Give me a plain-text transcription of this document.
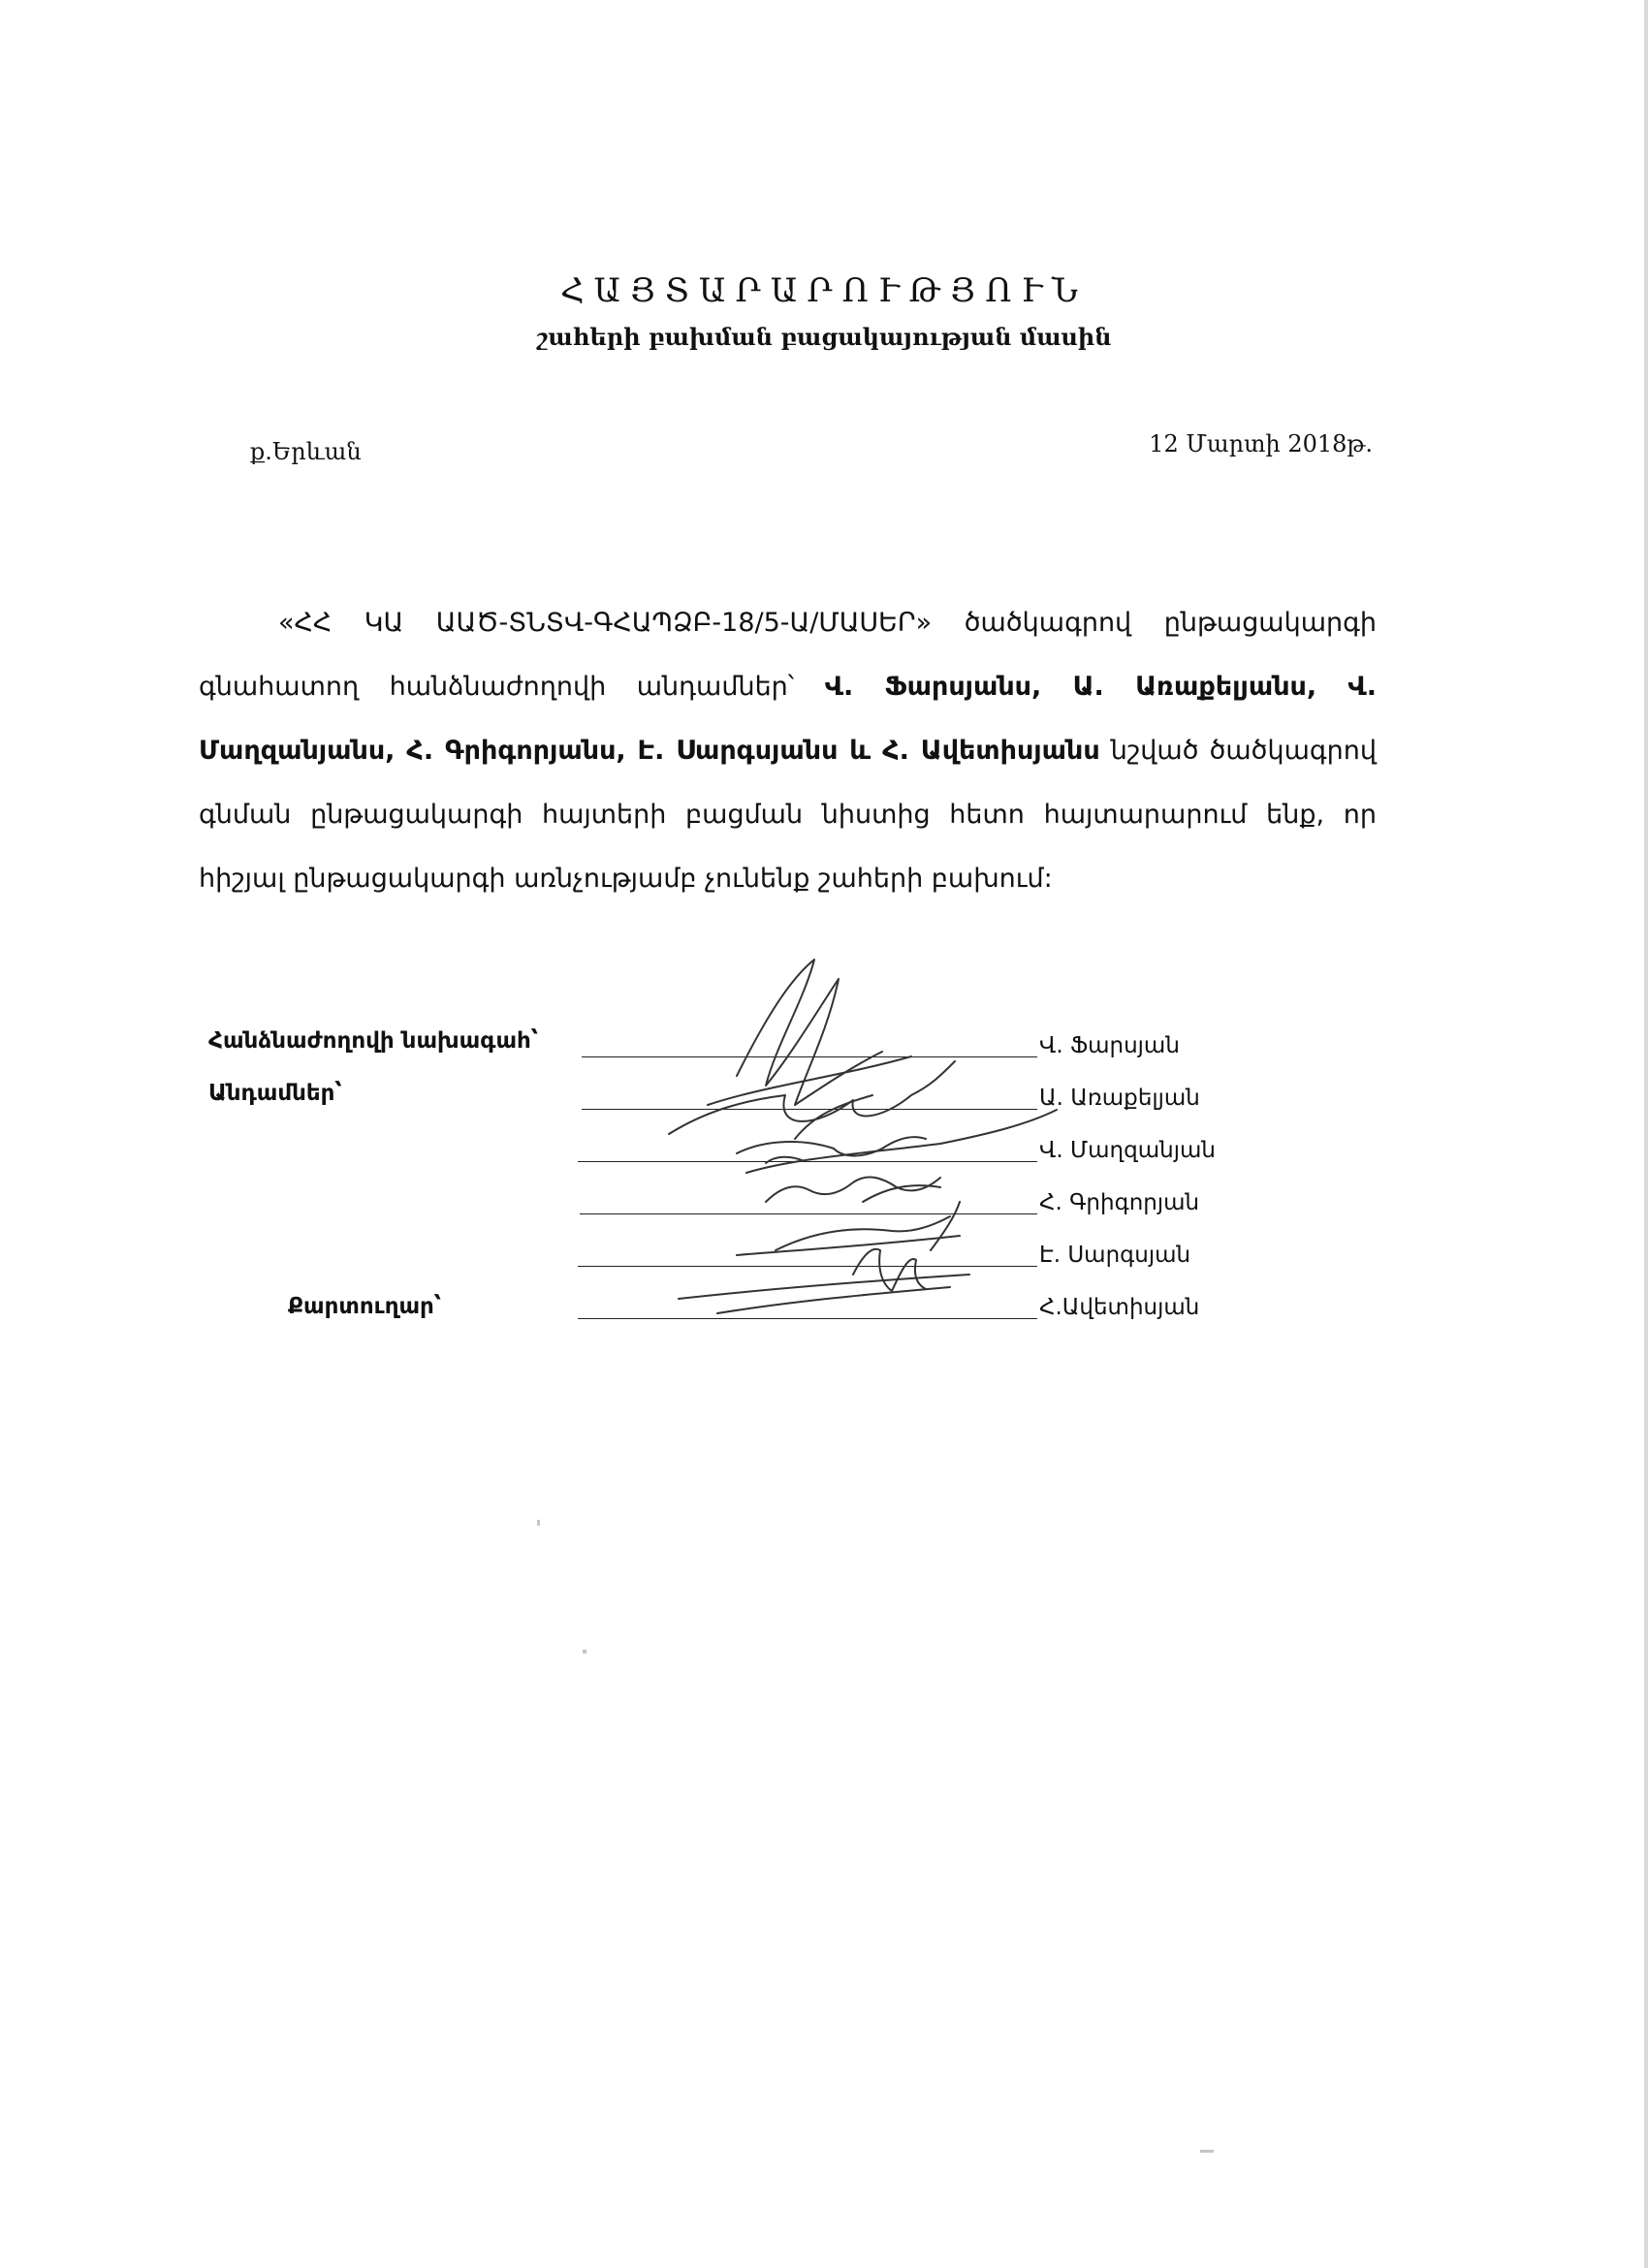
ՀԱՅՏԱՐԱՐՈՒԹՅՈՒՆ
շահերի բախման բացակայության մասին
ք.Երևան	12 Մարտի 2018թ.
«ՀՀ ԿԱ ԱԱԾ-ՏՆՏՎ-ԳՀԱՊՁԲ-18/5-Ա/ՄԱՍԵՐ» ծածկագրով ընթացակարգի գնահատող հանձնաժողովի անդամներ՝ Վ. Ֆարսյանս, Ա. Առաքելյանս, Վ. Մաղզանյանս, Հ. Գրիգորյանս, Է. Սարգսյանս և Հ. Ավետիսյանս նշված ծածկագրով գնման ընթացակարգի հայտերի բացման նիստից հետո հայտարարում ենք, որ հիշյալ ընթացակարգի առնչությամբ չունենք շահերի բախում:
Հանձնաժողովի նախագահ՝
Անդամներ՝
Քարտուղար՝
Վ. Ֆարսյան
Ա. Առաքելյան
Վ. Մաղզանյան
Հ. Գրիգորյան
Է. Սարգսյան
Հ.Ավետիսյան
